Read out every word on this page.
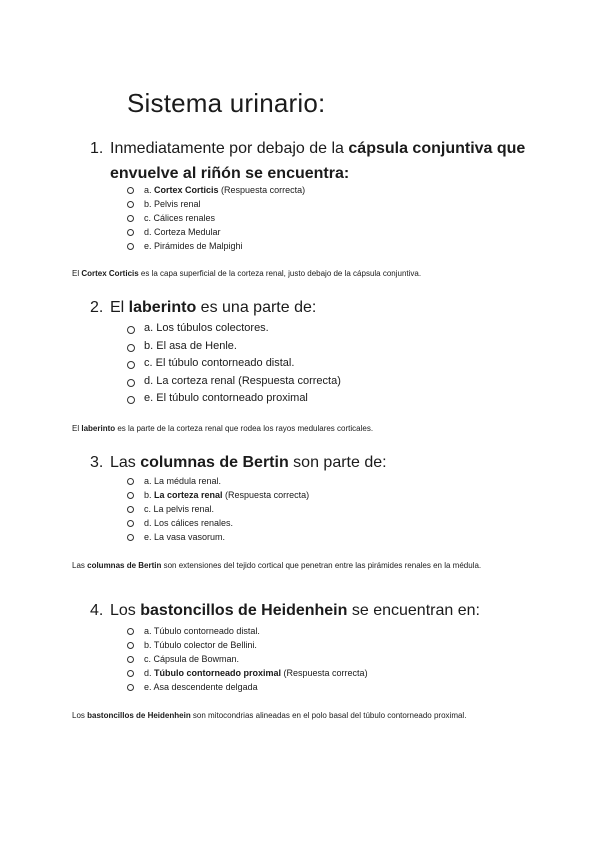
Sistema urinario:
1. Inmediatamente por debajo de la cápsula conjuntiva que envuelve al riñón se encuentra:
a. Cortex Corticis (Respuesta correcta)
b. Pelvis renal
c. Cálices renales
d. Corteza Medular
e. Pirámides de Malpighi

El Cortex Corticis es la capa superficial de la corteza renal, justo debajo de la cápsula conjuntiva.

2. El laberinto es una parte de:
a. Los túbulos colectores.
b. El asa de Henle.
c. El túbulo contorneado distal.
d. La corteza renal (Respuesta correcta)
e. El túbulo contorneado proximal

El laberinto es la parte de la corteza renal que rodea los rayos medulares corticales.

3. Las columnas de Bertin son parte de:
a. La médula renal.
b. La corteza renal (Respuesta correcta)
c. La pelvis renal.
d. Los cálices renales.
e. La vasa vasorum.

Las columnas de Bertin son extensiones del tejido cortical que penetran entre las pirámides renales en la médula.

4. Los bastoncillos de Heidenhein se encuentran en:
a. Túbulo contorneado distal.
b. Túbulo colector de Bellini.
c. Cápsula de Bowman.
d. Túbulo contorneado proximal (Respuesta correcta)
e. Asa descendente delgada

Los bastoncillos de Heidenhein son mitocondrias alineadas en el polo basal del túbulo contorneado proximal.
